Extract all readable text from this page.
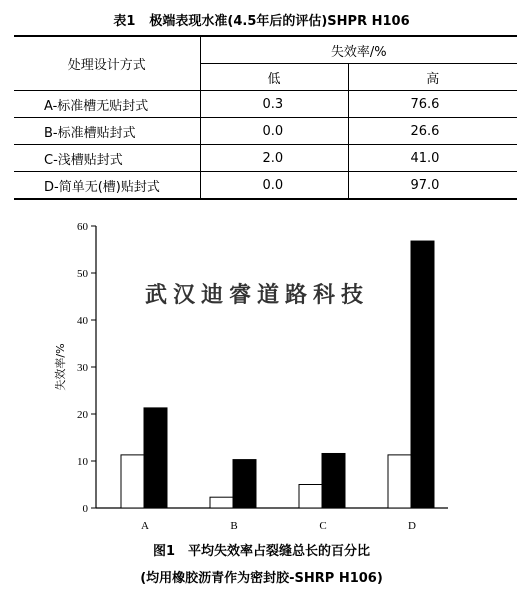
表1 极端表现水准(4.5年后的评估)SHPR H106
处理设计方式	失效率/%	
	低	高
A-标准槽无贴封式	0.3	76.6
B-标准槽贴封式	0.0	26.6
C-浅槽贴封式	2.0	41.0
D-简单无(槽)贴封式	0.0	97.0
0
10
20
30
40
50
60
失效率/%
A	B	C	D
武汉迪睿道路科技
图1　平均失效率占裂缝总长的百分比
(均用橡胶沥青作为密封胶-SHRP H106)
